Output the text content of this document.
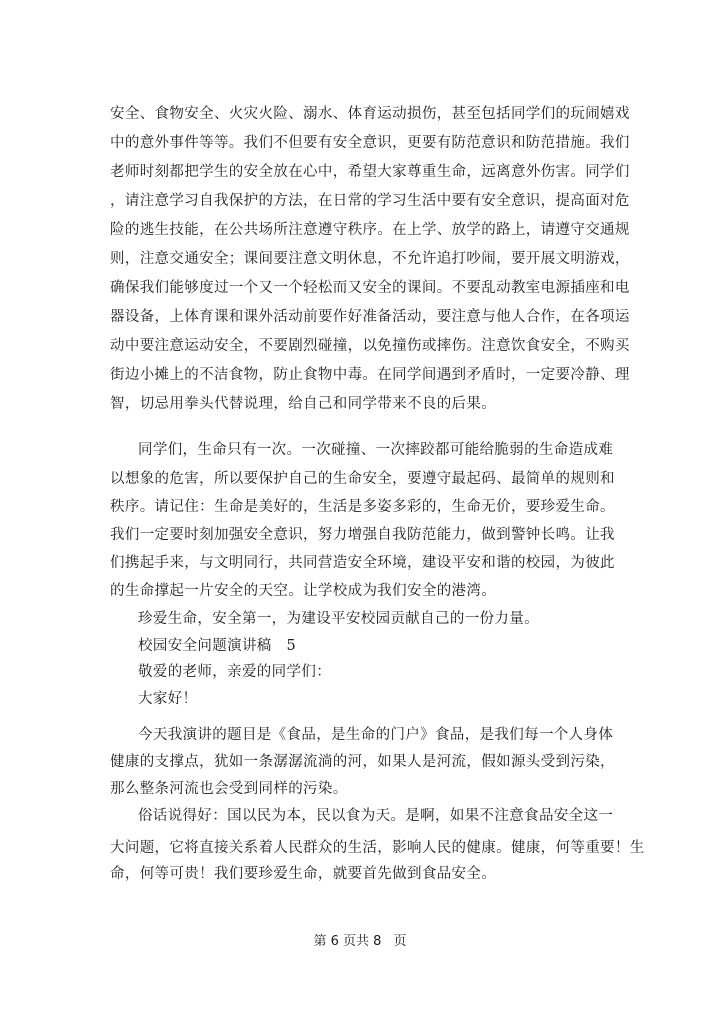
安全、食物安全、火灾火险、溺水、体育运动损伤，甚至包括同学们的玩闹嬉戏
中的意外事件等等。我们不但要有安全意识，更要有防范意识和防范措施。我们
老师时刻都把学生的安全放在心中，希望大家尊重生命，远离意外伤害。同学们
，请注意学习自我保护的方法，在日常的学习生活中要有安全意识，提高面对危
险的逃生技能，在公共场所注意遵守秩序。在上学、放学的路上，请遵守交通规
则，注意交通安全；课间要注意文明休息，不允许追打吵闹，要开展文明游戏，
确保我们能够度过一个又一个轻松而又安全的课间。不要乱动教室电源插座和电
器设备，上体育课和课外活动前要作好准备活动，要注意与他人合作，在各项运
动中要注意运动安全，不要剧烈碰撞，以免撞伤或摔伤。注意饮食安全，不购买
街边小摊上的不洁食物，防止食物中毒。在同学间遇到矛盾时，一定要冷静、理
智，切忌用拳头代替说理，给自己和同学带来不良的后果。
同学们，生命只有一次。一次碰撞、一次摔跤都可能给脆弱的生命造成难
以想象的危害，所以要保护自己的生命安全，要遵守最起码、最简单的规则和
秩序。请记住：生命是美好的，生活是多姿多彩的，生命无价，要珍爱生命。
我们一定要时刻加强安全意识，努力增强自我防范能力，做到警钟长鸣。让我
们携起手来，与文明同行，共同营造安全环境，建设平安和谐的校园，为彼此
的生命撑起一片安全的天空。让学校成为我们安全的港湾。
珍爱生命，安全第一，为建设平安校园贡献自己的一份力量。
校园安全问题演讲稿　5
敬爱的老师，亲爱的同学们：
大家好！
今天我演讲的题目是《食品，是生命的门户》食品，是我们每一个人身体
健康的支撑点，犹如一条潺潺流淌的河，如果人是河流，假如源头受到污染，
那么整条河流也会受到同样的污染。
俗话说得好：国以民为本，民以食为天。是啊，如果不注意食品安全这一
大问题，它将直接关系着人民群众的生活，影响人民的健康。健康，何等重要！生
命，何等可贵！我们要珍爱生命，就要首先做到食品安全。
第 6 页共 8 页
